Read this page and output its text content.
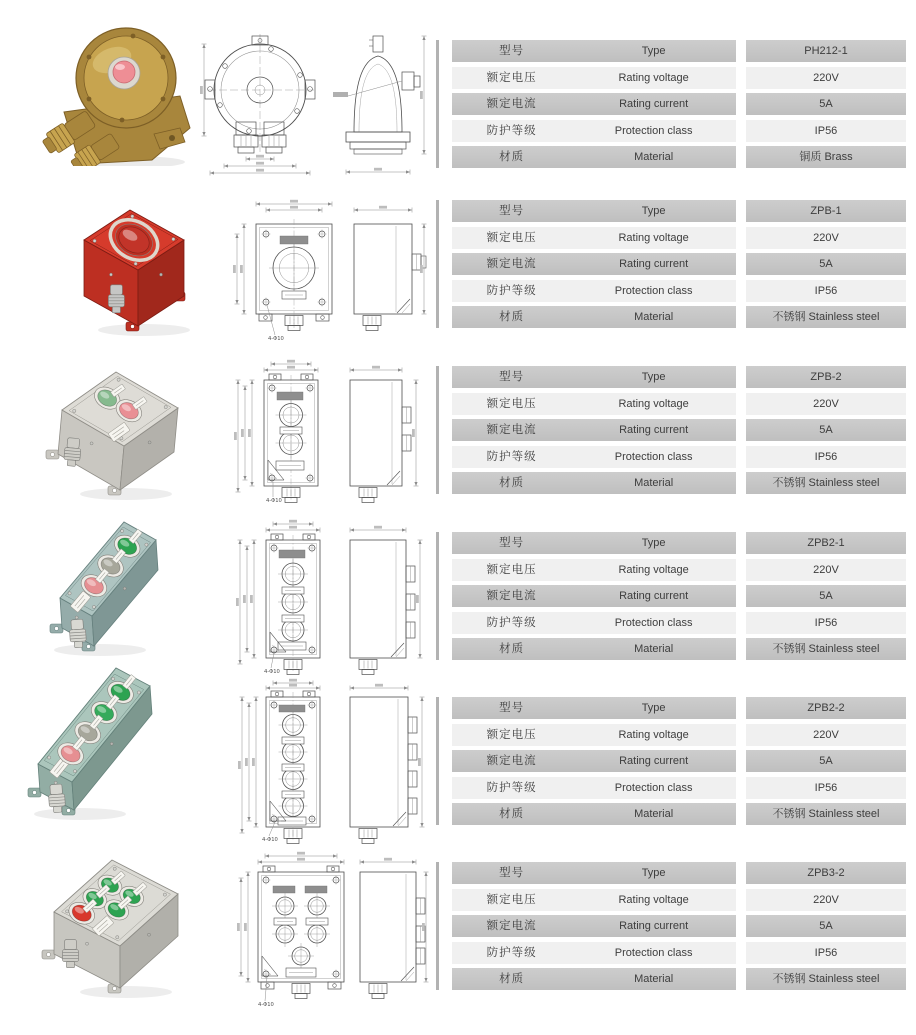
型号	Type	PH212-1
额定电压	Rating voltage	220V
额定电流	Rating current	5A
防护等级	Protection class	IP56
材质	Material	铜质 Brass
4-Φ10
型号	Type	ZPB-1
额定电压	Rating voltage	220V
额定电流	Rating current	5A
防护等级	Protection class	IP56
材质	Material	不锈钢 Stainless steel
4-Φ10
型号	Type	ZPB-2
额定电压	Rating voltage	220V
额定电流	Rating current	5A
防护等级	Protection class	IP56
材质	Material	不锈钢 Stainless steel
4-Φ10
型号	Type	ZPB2-1
额定电压	Rating voltage	220V
额定电流	Rating current	5A
防护等级	Protection class	IP56
材质	Material	不锈钢 Stainless steel
4-Φ10
型号	Type	ZPB2-2
额定电压	Rating voltage	220V
额定电流	Rating current	5A
防护等级	Protection class	IP56
材质	Material	不锈钢 Stainless steel
4-Φ10
型号	Type	ZPB3-2
额定电压	Rating voltage	220V
额定电流	Rating current	5A
防护等级	Protection class	IP56
材质	Material	不锈钢 Stainless steel
